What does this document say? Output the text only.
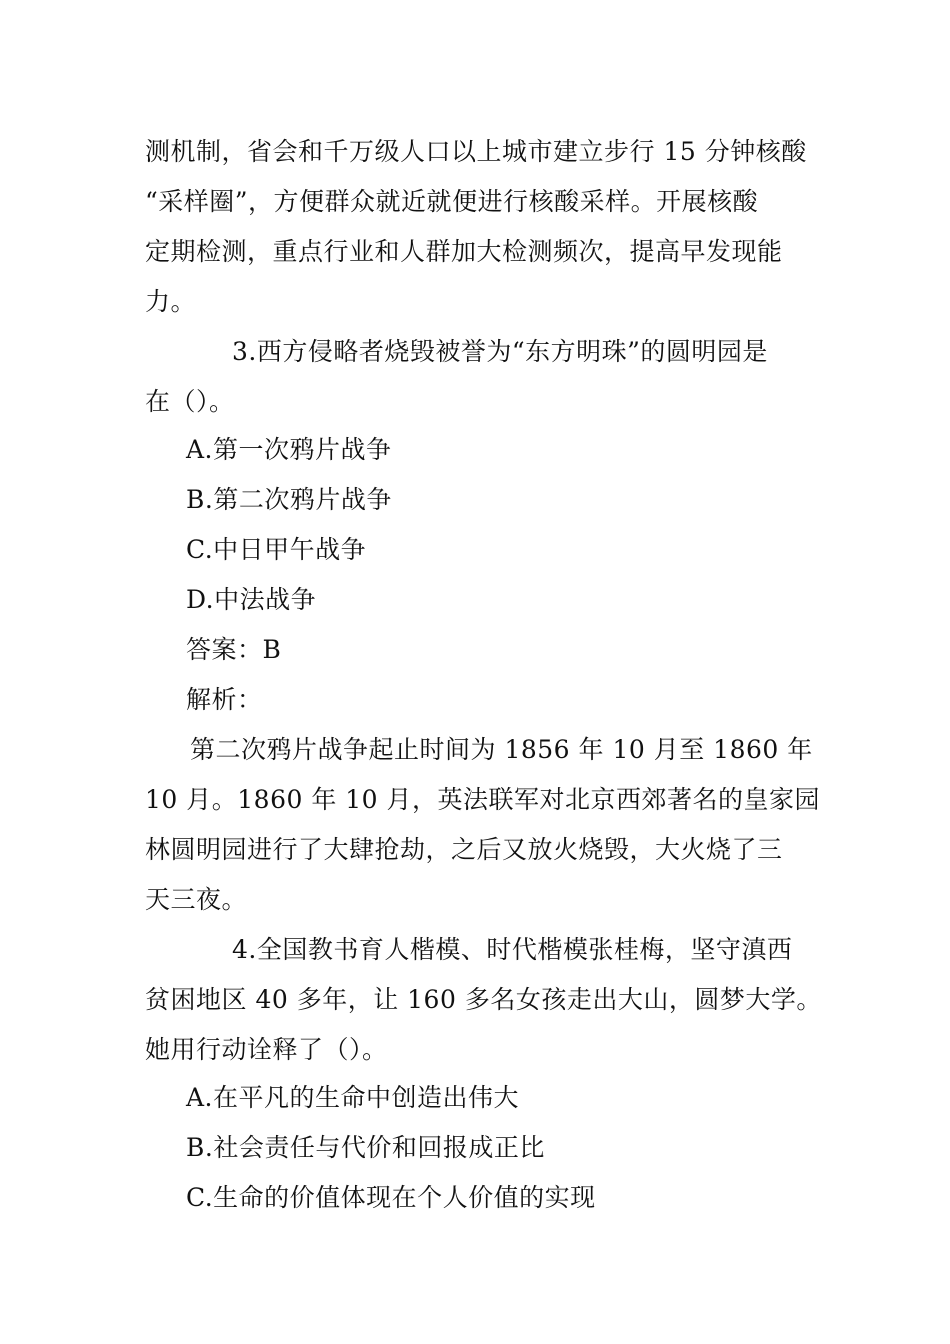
测机制，省会和千万级人口以上城市建立步行 15 分钟核酸
“采样圈”，方便群众就近就便进行核酸采样。开展核酸
定期检测，重点行业和人群加大检测频次，提高早发现能
力。
3.西方侵略者烧毁被誉为“东方明珠”的圆明园是
在（）。
A.第一次鸦片战争
B.第二次鸦片战争
C.中日甲午战争
D.中法战争
答案：B
解析：
第二次鸦片战争起止时间为 1856 年 10 月至 1860 年
10 月。1860 年 10 月，英法联军对北京西郊著名的皇家园
林圆明园进行了大肆抢劫，之后又放火烧毁，大火烧了三
天三夜。
4.全国教书育人楷模、时代楷模张桂梅，坚守滇西
贫困地区 40 多年，让 160 多名女孩走出大山，圆梦大学。
她用行动诠释了（）。
A.在平凡的生命中创造出伟大
B.社会责任与代价和回报成正比
C.生命的价值体现在个人价值的实现
